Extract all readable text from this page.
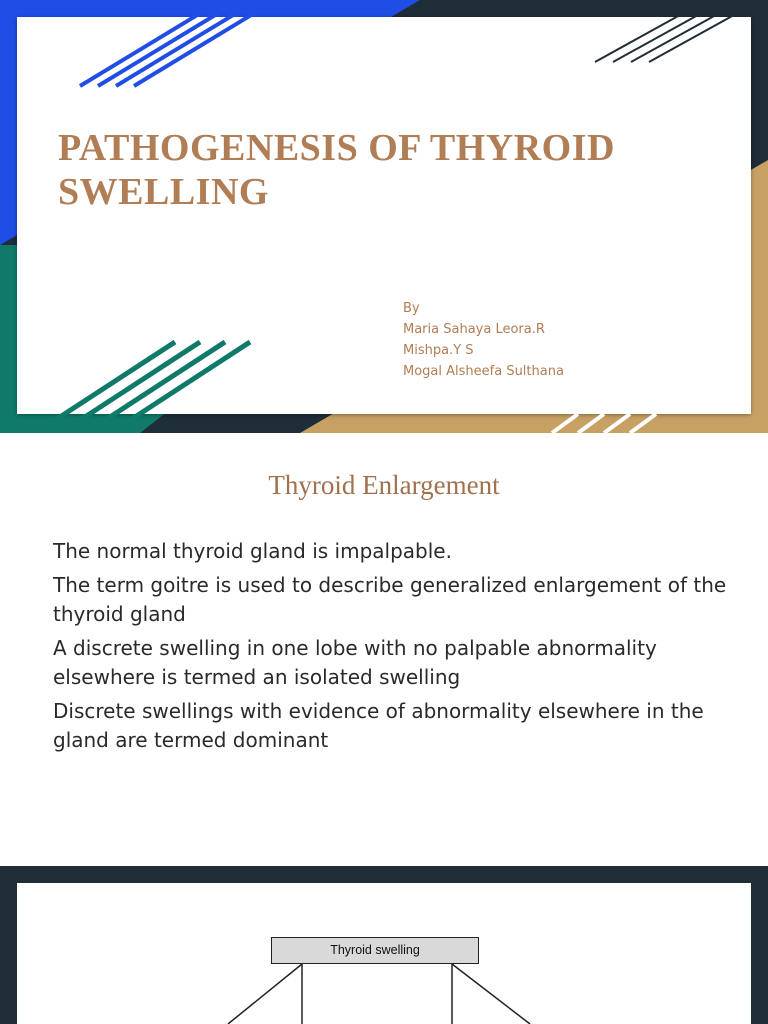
PATHOGENESIS OF THYROID SWELLING
By
Maria Sahaya Leora.R
Mishpa.Y S
Mogal Alsheefa Sulthana
Thyroid Enlargement
The normal thyroid gland is impalpable.
The term goitre is used to describe generalized enlargement of the thyroid gland
A discrete swelling in one lobe with no palpable abnormality elsewhere is termed an isolated swelling
Discrete swellings with evidence of abnormality elsewhere in the gland are termed dominant
Thyroid swelling
